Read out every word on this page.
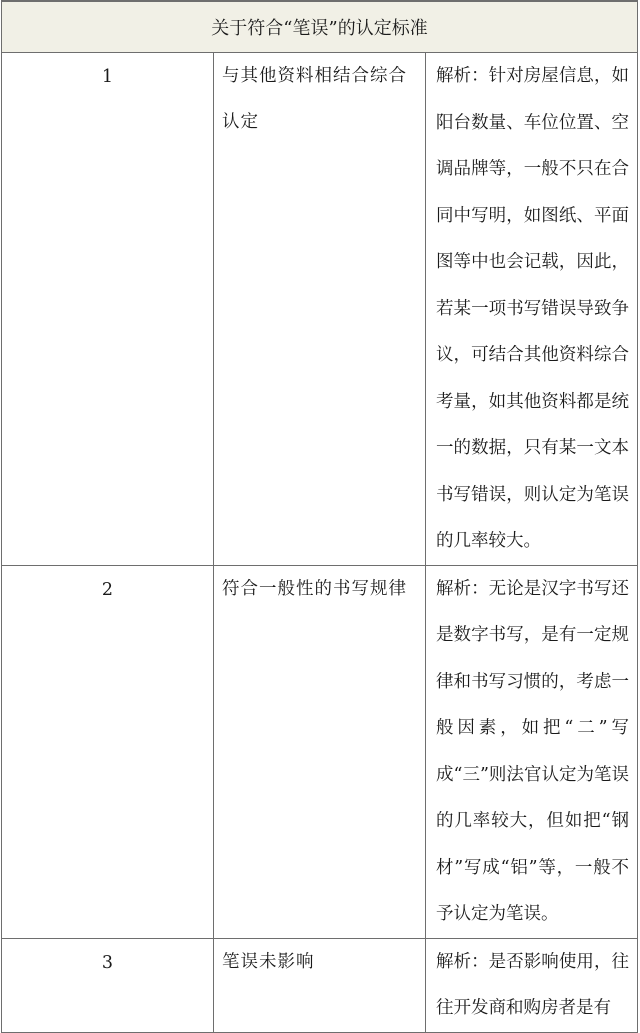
关于符合“笔误”的认定标准		
1	与其他资料相结合综合认定	解析：针对房屋信息，如阳台数量、车位位置、空调品牌等，一般不只在合同中写明，如图纸、平面图等中也会记载，因此，若某一项书写错误导致争议，可结合其他资料综合考量，如其他资料都是统一的数据，只有某一文本书写错误，则认定为笔误的几率较大。

2	符合一般性的书写规律	解析：无论是汉字书写还是数字书写，是有一定规律和书写习惯的，考虑一般因素，如把“二”写成“三”则法官认定为笔误的几率较大，但如把“钢材”写成“铝”等，一般不予认定为笔误。

3	笔误未影响	解析：是否影响使用，往往开发商和购房者是有
